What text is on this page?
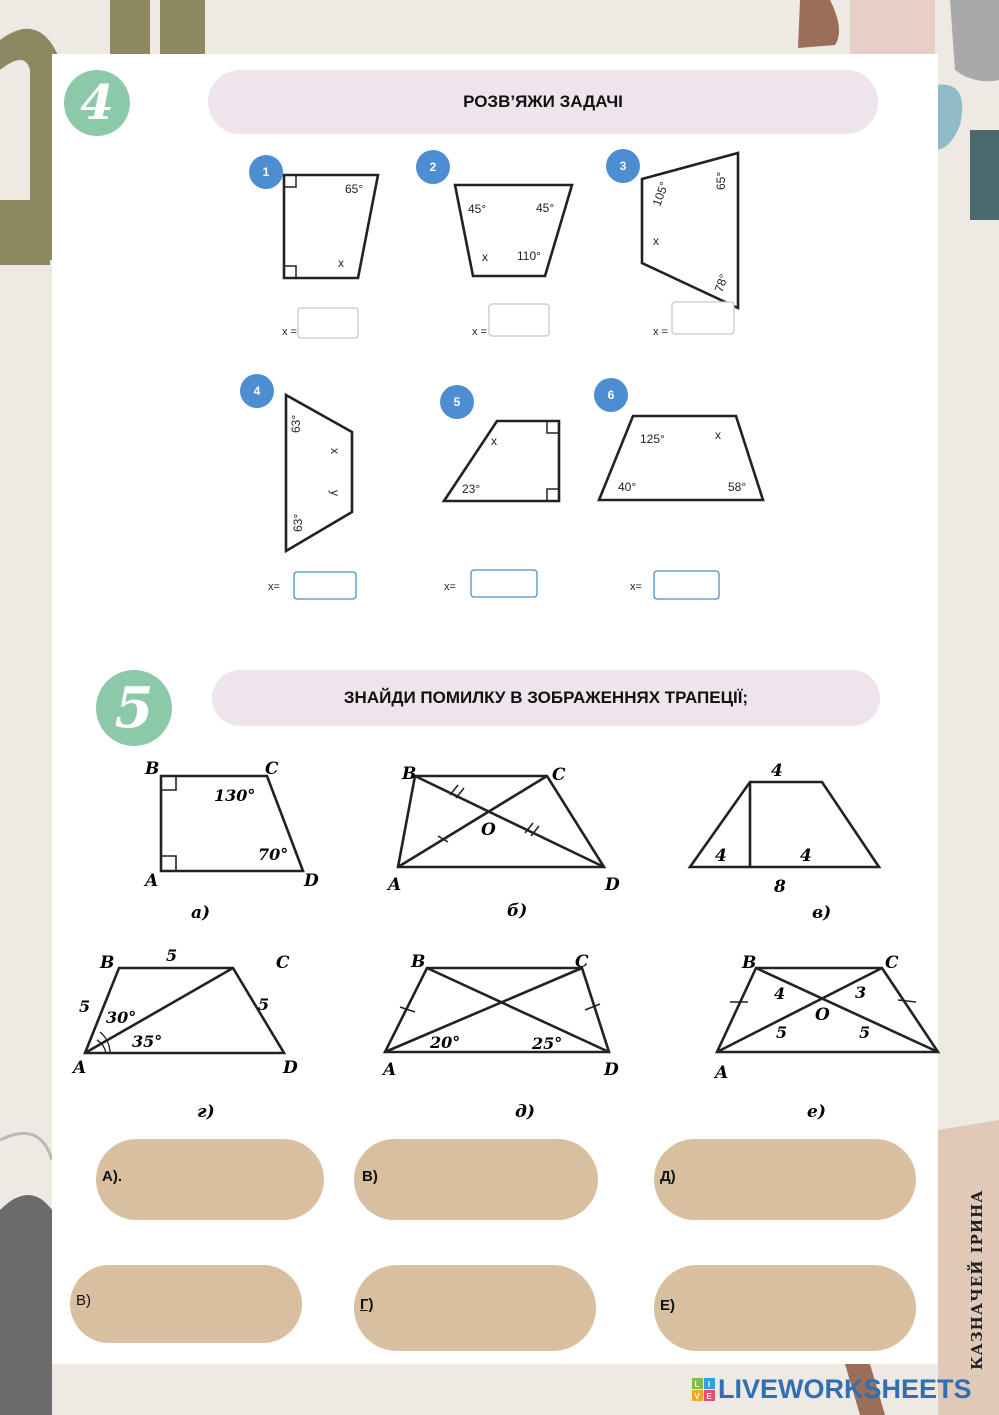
4	РОЗВ’ЯЖИ ЗАДАЧІ
1
65°
x
x =
2
45°	45°
x 110°
x =
3
105°	65°
x
78°
x =
4
63°
x
y
63°
x=
5
x
23°
x=
6
125°	x
40°	58°
x=
5	ЗНАЙДИ ПОМИЛКУ В ЗОБРАЖЕННЯХ ТРАПЕЦІЇ;
B	C
A	D
130°
70°
а)
B	C
A	D
O
б)
4
4	4
8
в)
B	C
A	D
5
5	5
30°
35°
г)
B	C
A	D
20°	25°
д)
B	C
A
O
4	3
5	5
е)
А).	В)	Д)
В)	Г)	Е)	КАЗНАЧЕЙ ІРИНА
L I
V E LIVEWORKSHEETS
